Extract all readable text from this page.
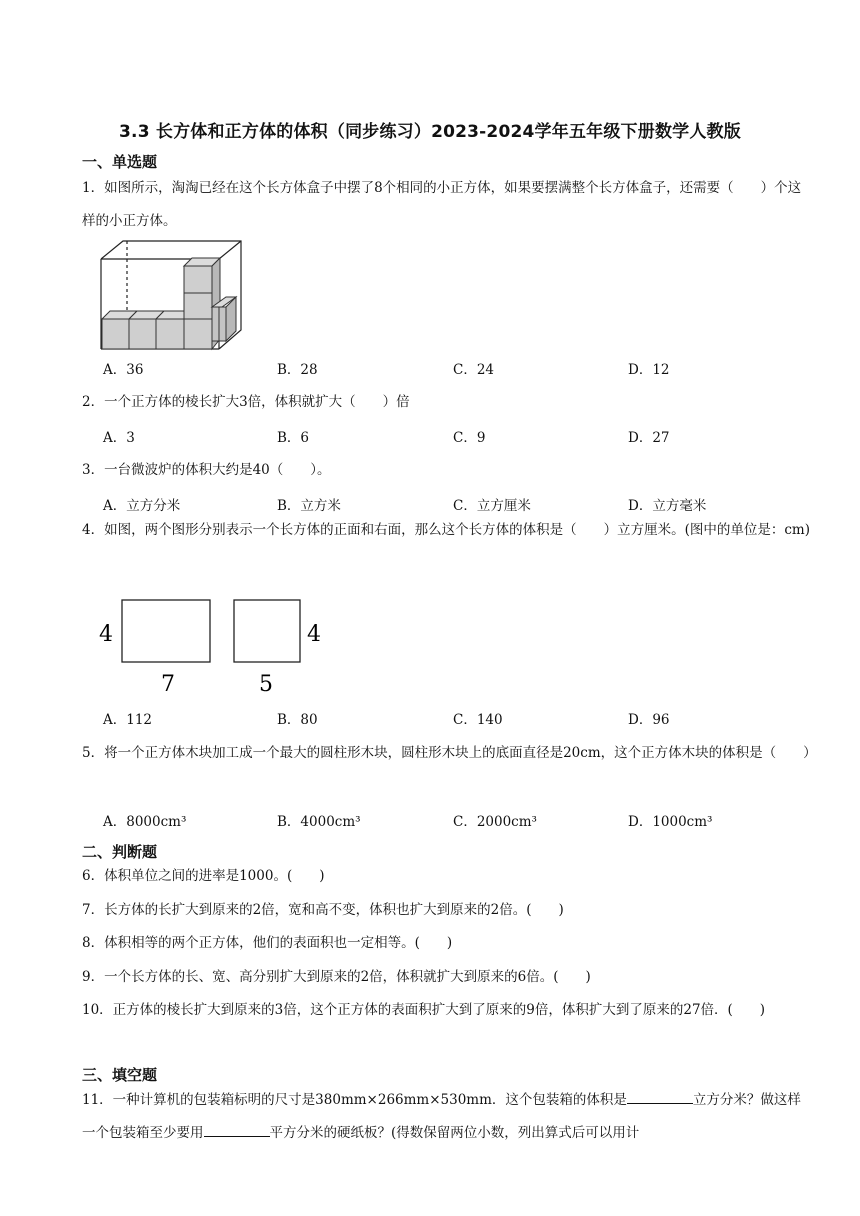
3.3 长方体和正方体的体积（同步练习）2023-2024学年五年级下册数学人教版
一、单选题
1．如图所示，淘淘已经在这个长方体盒子中摆了8个相同的小正方体，如果要摆满整个长方体盒子，还需要（　　）个这样的小正方体。
A．36	B．28	C．24	D．12
2．一个正方体的棱长扩大3倍，体积就扩大（　　）倍
A．3	B．6	C．9	D．27
3．一台微波炉的体积大约是40（　　）。
A．立方分米	B．立方米	C．立方厘米	D．立方毫米
4．如图，两个图形分别表示一个长方体的正面和右面，那么这个长方体的体积是（　　）立方厘米。(图中的单位是：cm)
4
7
4
5
A．112	B．80	C．140	D．96
5．将一个正方体木块加工成一个最大的圆柱形木块，圆柱形木块上的底面直径是20cm，这个正方体木块的体积是（　　）
A．8000cm³	B．4000cm³	C．2000cm³	D．1000cm³
二、判断题
6．体积单位之间的进率是1000。(　　)
7．长方体的长扩大到原来的2倍，宽和高不变，体积也扩大到原来的2倍。(　　)
8．体积相等的两个正方体，他们的表面积也一定相等。(　　)
9．一个长方体的长、宽、高分别扩大到原来的2倍，体积就扩大到原来的6倍。(　　)
10．正方体的棱长扩大到原来的3倍，这个正方体的表面积扩大到了原来的9倍，体积扩大到了原来的27倍．(　　)
三、填空题
11．一种计算机的包装箱标明的尺寸是380mm×266mm×530mm．这个包装箱的体积是	立方分米？做这样一个包装箱至少要用	平方分米的硬纸板？(得数保留两位小数，列出算式后可以用计
